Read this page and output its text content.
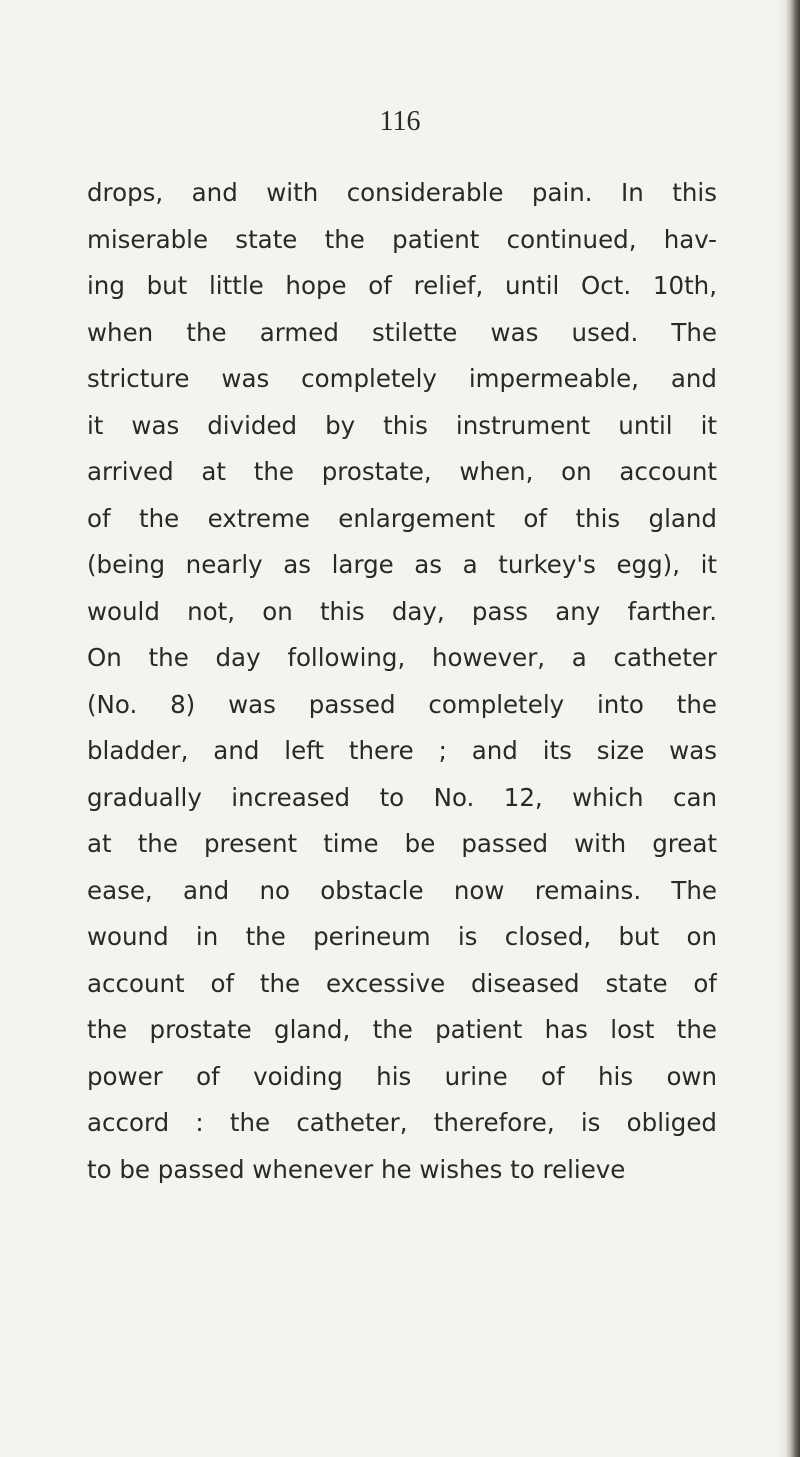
116

drops, and with considerable pain. In this
miserable state the patient continued, hav-
ing but little hope of relief, until Oct. 10th,
when the armed stilette was used. The
stricture was completely impermeable, and
it was divided by this instrument until it
arrived at the prostate, when, on account
of the extreme enlargement of this gland
(being nearly as large as a turkey's egg), it
would not, on this day, pass any farther.
On the day following, however, a catheter
(No. 8) was passed completely into the
bladder, and left there ; and its size was
gradually increased to No. 12, which can
at the present time be passed with great
ease, and no obstacle now remains. The
wound in the perineum is closed, but on
account of the excessive diseased state of
the prostate gland, the patient has lost the
power of voiding his urine of his own
accord : the catheter, therefore, is obliged
to be passed whenever he wishes to relieve
